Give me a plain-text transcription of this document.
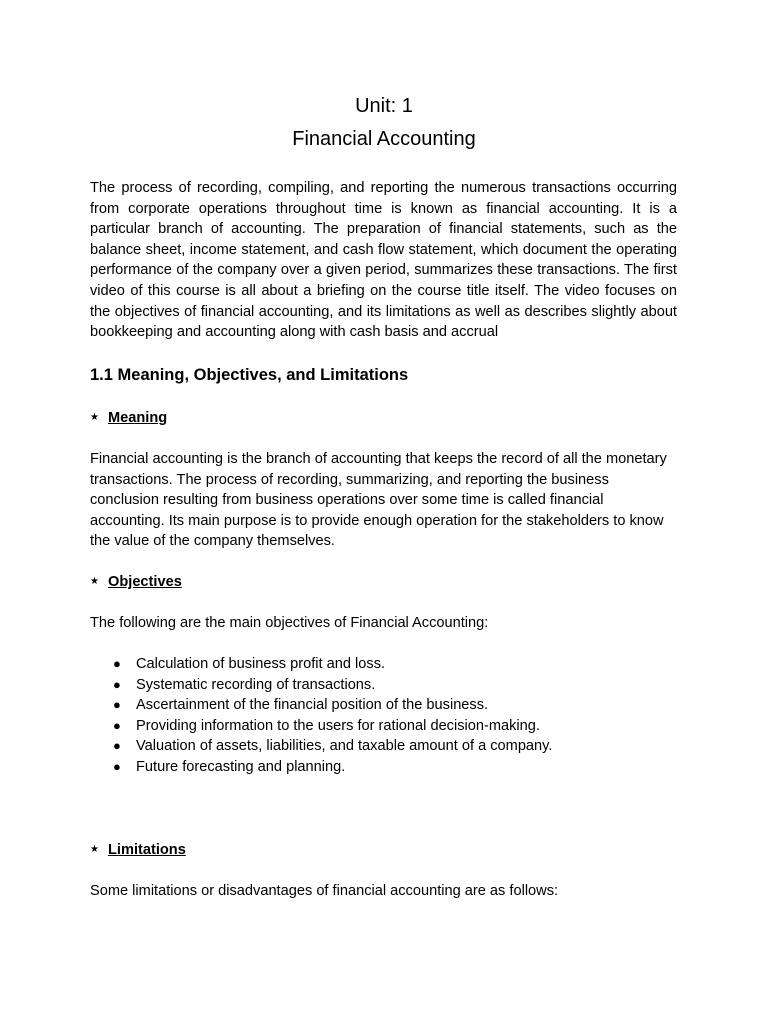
Unit: 1
Financial Accounting

The process of recording, compiling, and reporting the numerous transactions occurring from corporate operations throughout time is known as financial accounting. It is a particular branch of accounting. The preparation of financial statements, such as the balance sheet, income statement, and cash flow statement, which document the operating performance of the company over a given period, summarizes these transactions. The first video of this course is all about a briefing on the course title itself. The video focuses on the objectives of financial accounting, and its limitations as well as describes slightly about bookkeeping and accounting along with cash basis and accrual

1.1 Meaning, Objectives, and Limitations
★ Meaning

Financial accounting is the branch of accounting that keeps the record of all the monetary transactions. The process of recording, summarizing, and reporting the business conclusion resulting from business operations over some time is called financial accounting. Its main purpose is to provide enough operation for the stakeholders to know the value of the company themselves.

★ Objectives

The following are the main objectives of Financial Accounting:

● Calculation of business profit and loss.
● Systematic recording of transactions.
● Ascertainment of the financial position of the business.
● Providing information to the users for rational decision-making.
● Valuation of assets, liabilities, and taxable amount of a company.
● Future forecasting and planning.
★ Limitations

Some limitations or disadvantages of financial accounting are as follows:
